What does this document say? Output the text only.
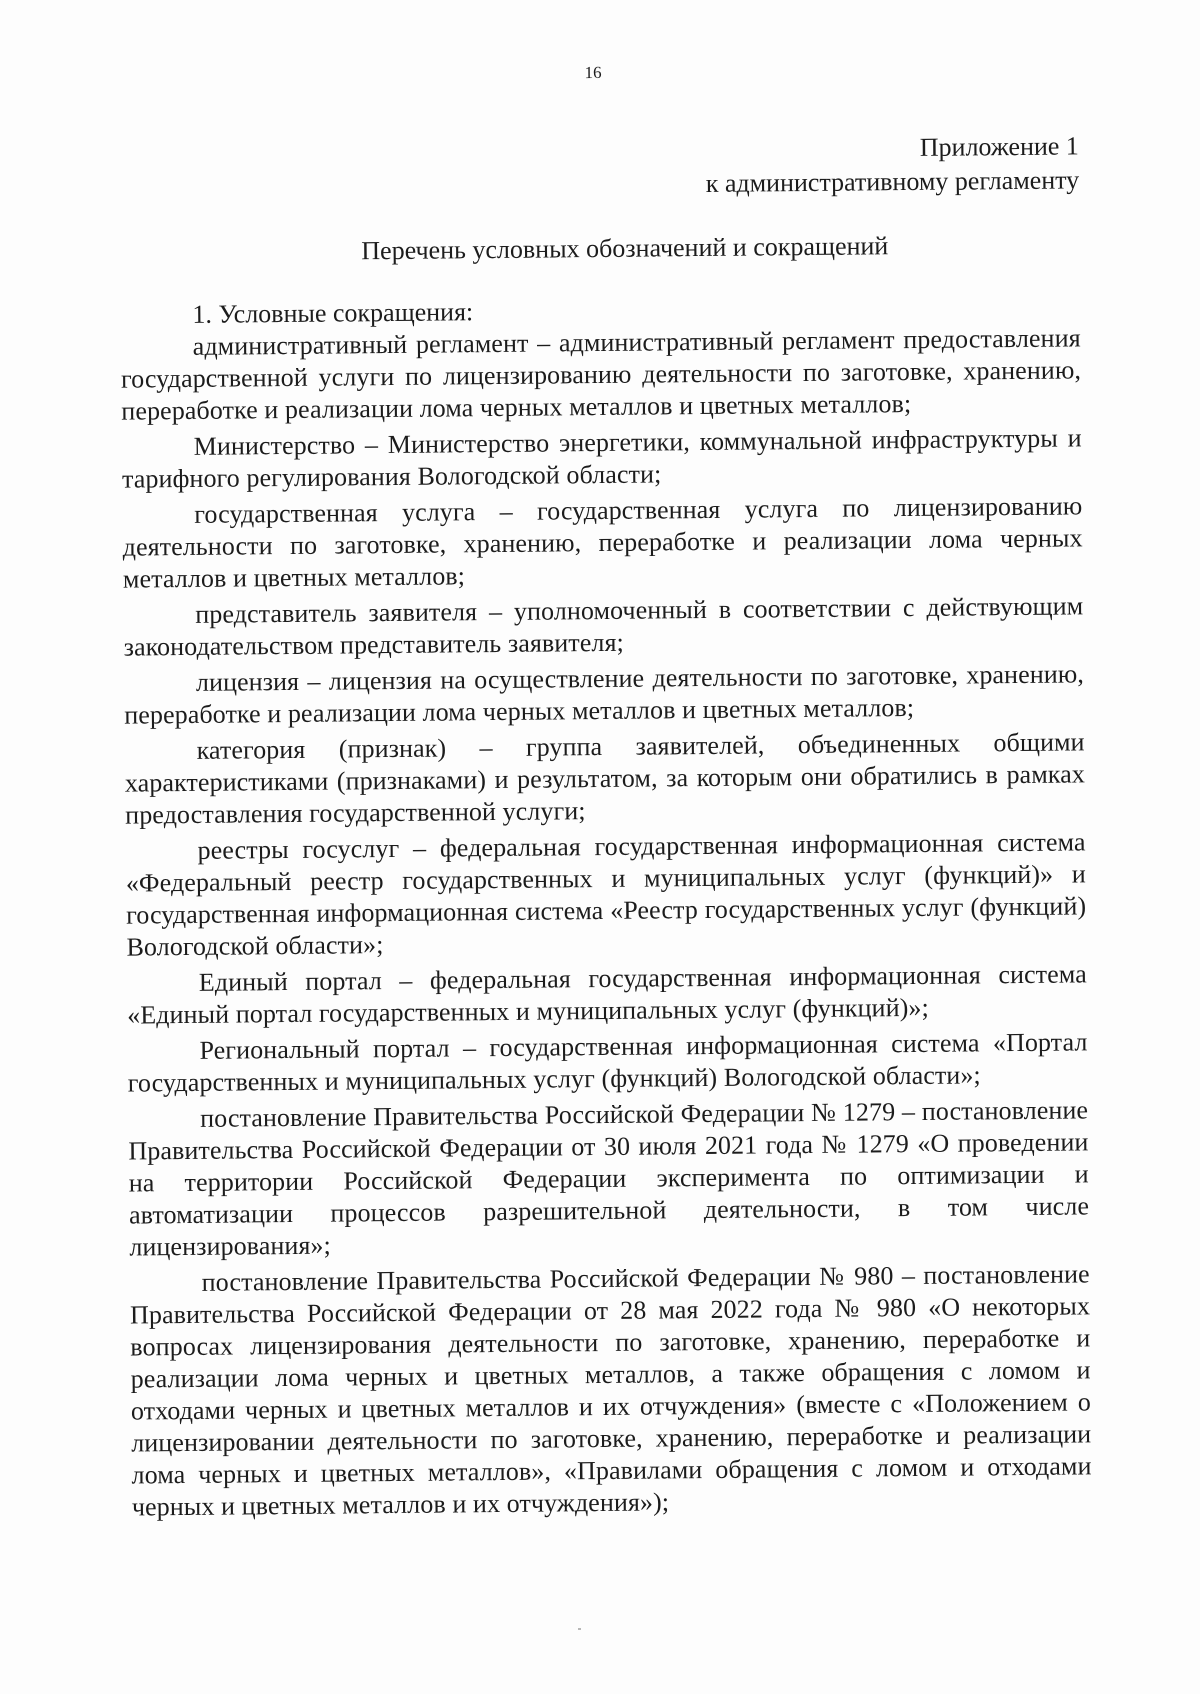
16
Приложение 1
к административному регламенту
Перечень условных обозначений и сокращений
1. Условные сокращения:

административный регламент – административный регламент предоставления государственной услуги по лицензированию деятельности по заготовке, хранению, переработке и реализации лома черных металлов и цветных металлов;

Министерство – Министерство энергетики, коммунальной инфраструктуры и тарифного регулирования Вологодской области;

государственная услуга – государственная услуга по лицензированию деятельности по заготовке, хранению, переработке и реализации лома черных металлов и цветных металлов;

представитель заявителя – уполномоченный в соответствии с действующим законодательством представитель заявителя;

лицензия – лицензия на осуществление деятельности по заготовке, хранению, переработке и реализации лома черных металлов и цветных металлов;

категория (признак) – группа заявителей, объединенных общими характеристиками (признаками) и результатом, за которым они обратились в рамках предоставления государственной услуги;

реестры госуслуг – федеральная государственная информационная система «Федеральный реестр государственных и муниципальных услуг (функций)» и государственная информационная система «Реестр государственных услуг (функций) Вологодской области»;

Единый портал – федеральная государственная информационная система «Единый портал государственных и муниципальных услуг (функций)»;

Региональный портал – государственная информационная система «Портал государственных и муниципальных услуг (функций) Вологодской области»;

постановление Правительства Российской Федерации № 1279 – постановление Правительства Российской Федерации от 30 июля 2021 года № 1279 «О проведении на территории Российской Федерации эксперимента по оптимизации и автоматизации процессов разрешительной деятельности, в том числе лицензирования»;

постановление Правительства Российской Федерации № 980 – постановление Правительства Российской Федерации от 28 мая 2022 года № 980 «О некоторых вопросах лицензирования деятельности по заготовке, хранению, переработке и реализации лома черных и цветных металлов, а также обращения с ломом и отходами черных и цветных металлов и их отчуждения» (вместе с «Положением о лицензировании деятельности по заготовке, хранению, переработке и реализации лома черных и цветных металлов», «Правилами обращения с ломом и отходами черных и цветных металлов и их отчуждения»);
